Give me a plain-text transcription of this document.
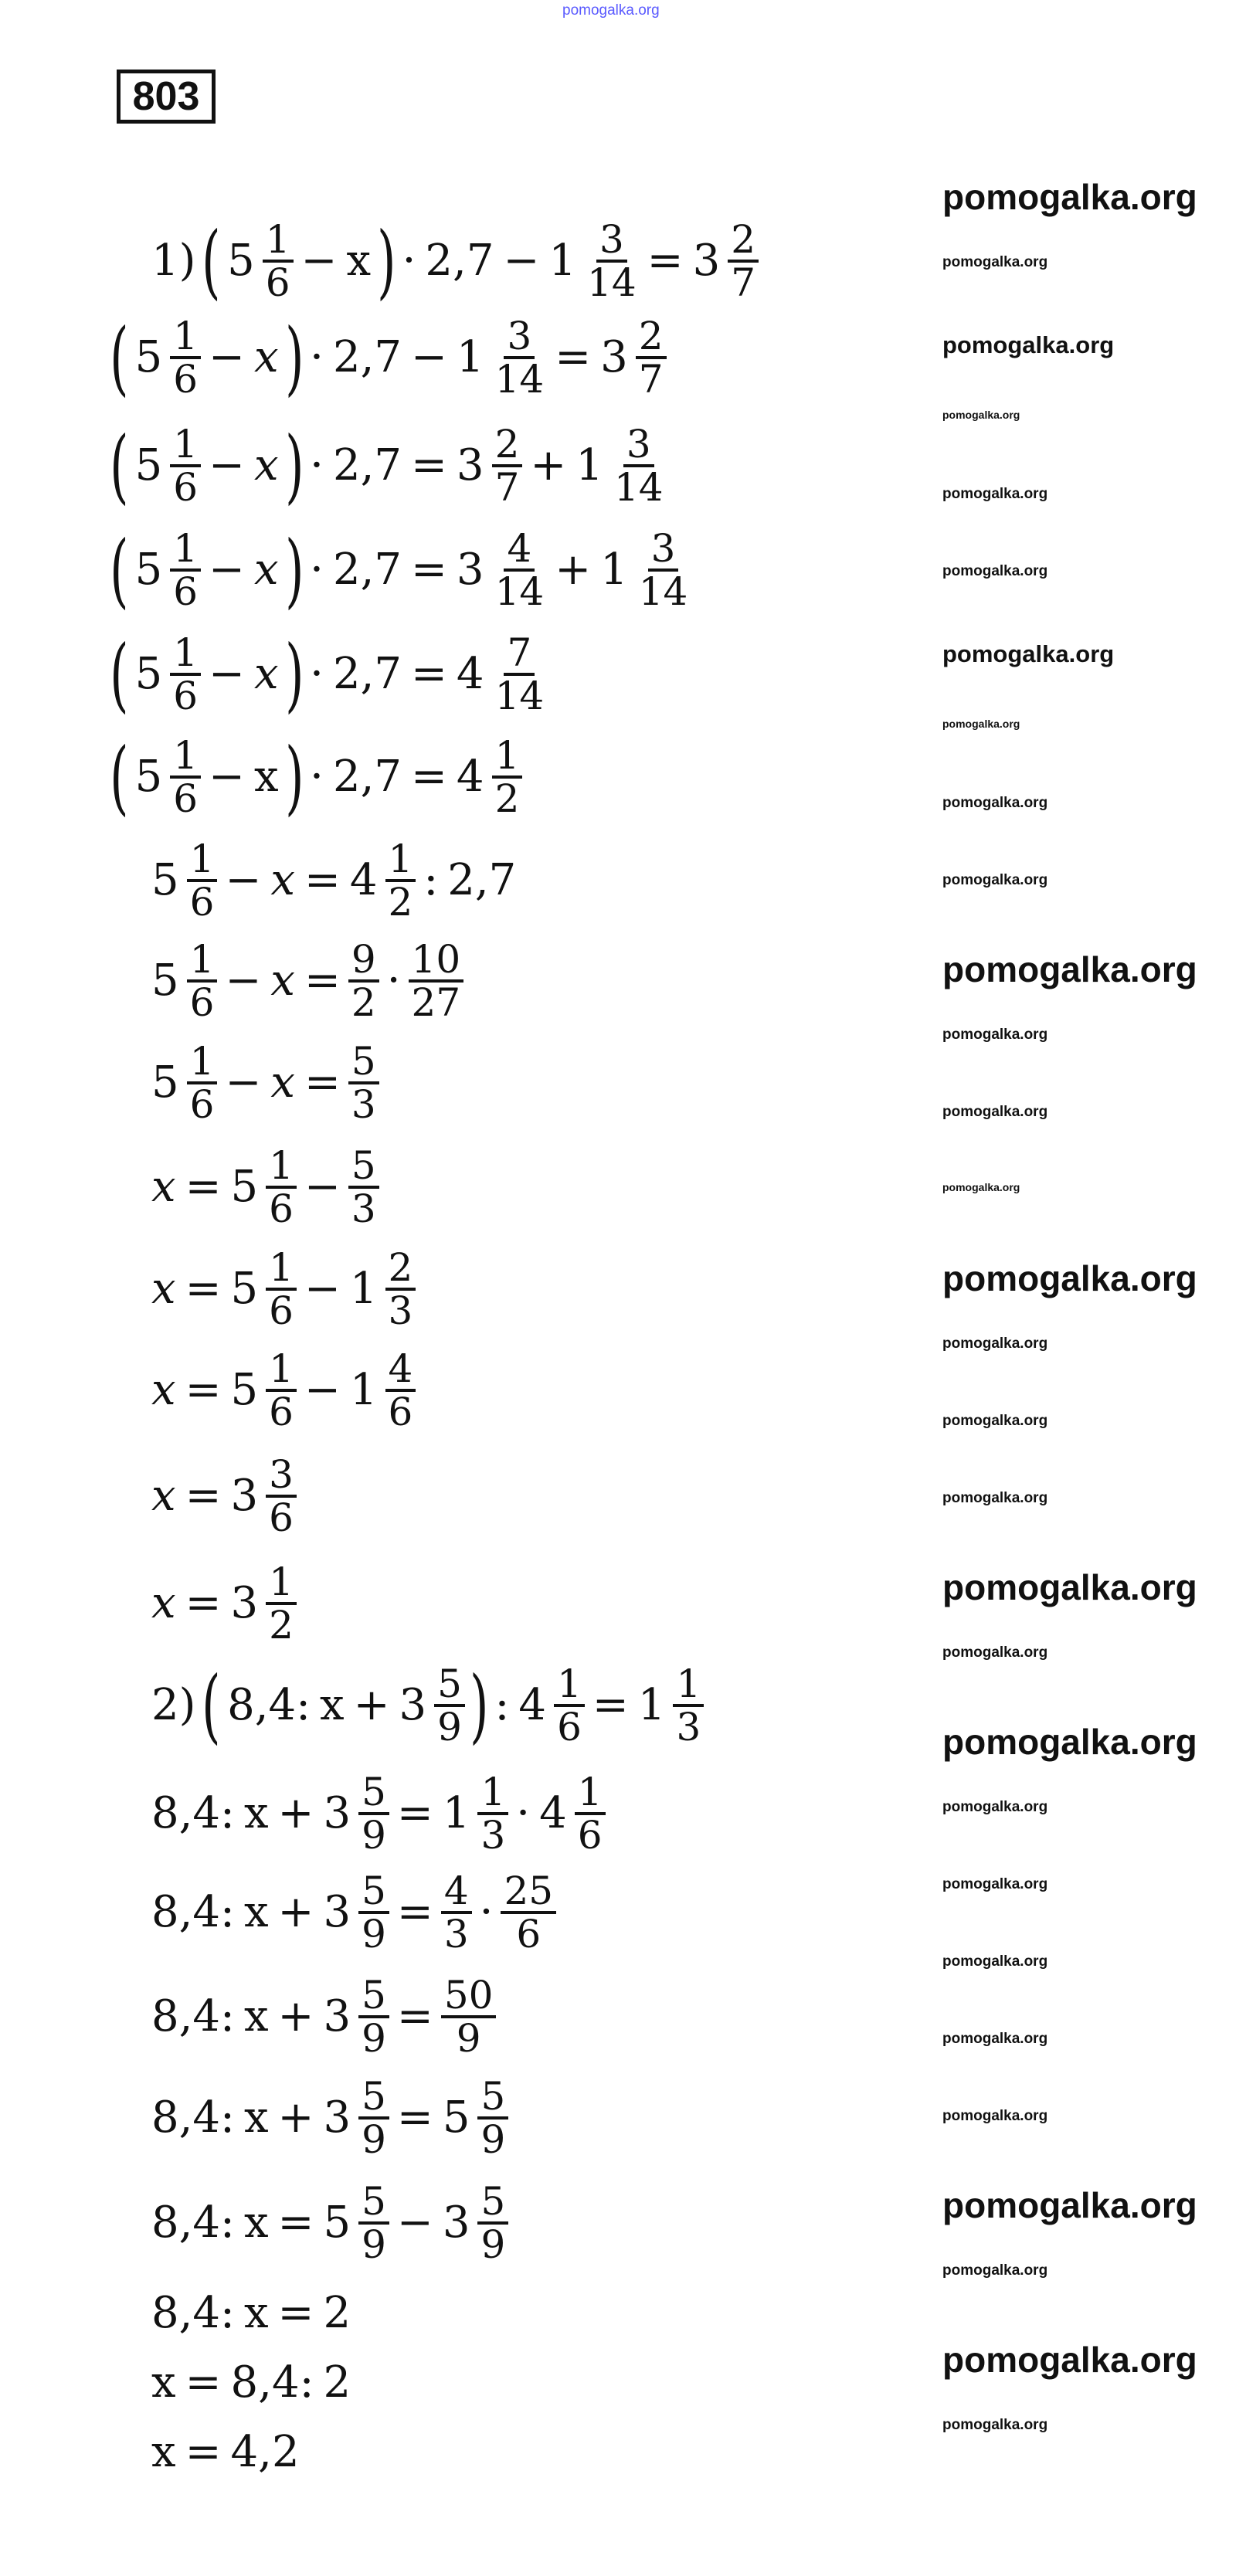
803
1) ( $5 \frac{1}{6} - x$ ) · $2,7 - 1 \frac{3}{14} = 3 \frac{2}{7}$
( $5 \frac{1}{6} - x$ ) · $2,7 - 1 \frac{3}{14} = 3 \frac{2}{7}$
( $5 \frac{1}{6} - x$ ) · $2,7 = 3 \frac{2}{7} + 1 \frac{3}{14}$
( $5 \frac{1}{6} - x$ ) · $2,7 = 3 \frac{4}{14} + 1 \frac{3}{14}$
( $5 \frac{1}{6} - x$ ) · $2,7 = 4 \frac{7}{14}$
( $5 \frac{1}{6} - x$ ) · $2,7 = 4 \frac{1}{2}$
$5 \frac{1}{6} - x = 4 \frac{1}{2}$ : 2,7
$5 \frac{1}{6} - x = \frac{9}{2} \cdot \frac{10}{27}$
$5 \frac{1}{6} - x = \frac{5}{3}$
$x = 5 \frac{1}{6} - \frac{5}{3}$
$x = 5 \frac{1}{6} - 1 \frac{2}{3}$
$x = 5 \frac{1}{6} - 1 \frac{4}{6}$
$x = 3 \frac{3}{6}$
$x = 3 \frac{1}{2}$
2) ( 8,4: $x + 3 \frac{5}{9}$ ) : $4 \frac{1}{6} = 1 \frac{1}{3}$
8,4: $x + 3 \frac{5}{9} = 1 \frac{1}{3} \cdot 4 \frac{1}{6}$
8,4: $x + 3 \frac{5}{9} = \frac{4}{3} \cdot \frac{25}{6}$
8,4: $x + 3 \frac{5}{9} = \frac{50}{9}$
8,4: $x + 3 \frac{5}{9} = 5 \frac{5}{9}$
8,4: $x = 5 \frac{5}{9} - 3 \frac{5}{9}$
8,4: x = 2
x = 8,4: 2
x = 4,2
pomogalka.org
pomogalka.org
pomogalka.org
pomogalka.org
pomogalka.org
pomogalka.org
pomogalka.org
pomogalka.org
pomogalka.org
pomogalka.org
pomogalka.org
pomogalka.org
pomogalka.org
pomogalka.org
pomogalka.org
pomogalka.org
pomogalka.org
pomogalka.org
pomogalka.org
pomogalka.org
pomogalka.org
pomogalka.org
pomogalka.org
pomogalka.org
pomogalka.org
pomogalka.org
pomogalka.org
pomogalka.org
pomogalka.org
pomogalka.org
pomogalka.org
